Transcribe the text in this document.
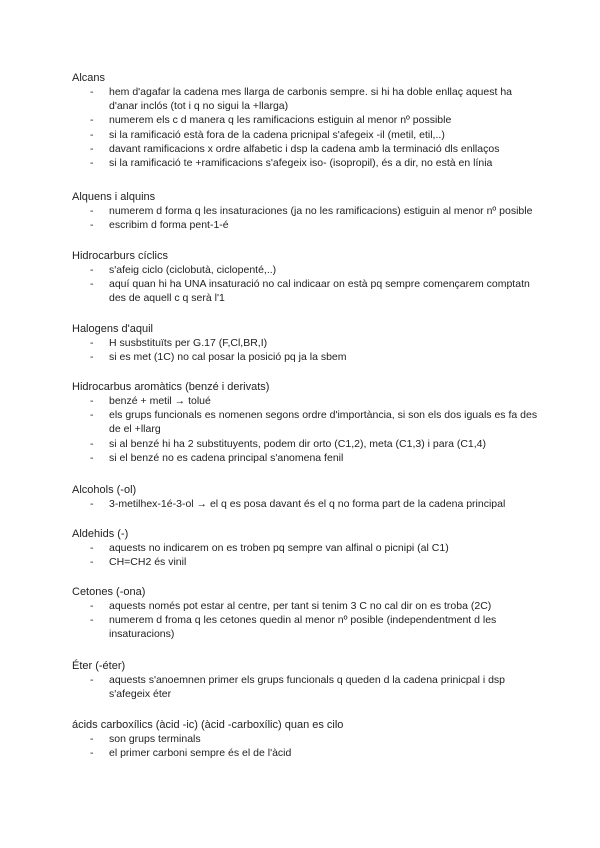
Alcans
- hem d'agafar la cadena mes llarga de carbonis sempre. si hi ha doble enllaç aquest ha d'anar inclós (tot i q no sigui la +llarga)
- numerem els c d manera q les ramificacions estiguin al menor nº possible
- si la ramificació està fora de la cadena pricnipal s'afegeix -il (metil, etil,..)
- davant ramificacions x ordre alfabetic i dsp la cadena amb la terminació dls enllaços
- si la ramificació te +ramificacions s'afegeix iso- (isopropil), és a dir, no està en línia
Alquens i alquins
- numerem d forma q les insaturaciones (ja no les ramificacions) estiguin al menor nº posible
- escribim d forma pent-1-é
Hidrocarburs cíclics
- s'afeig ciclo (ciclobutà, ciclopenté,..)
- aquí quan hi ha UNA insaturació no cal indicaar on està pq sempre començarem comptatn des de aquell c q serà l'1
Halogens d'aquil
- H susbstituïts per G.17 (F,Cl,BR,I)
- si es met (1C) no cal posar la posició pq ja la sbem
Hidrocarbus aromàtics (benzé i derivats)
- benzé + metil → tolué
- els grups funcionals es nomenen segons ordre d'importància, si son els dos iguals es fa des de el +llarg
- si al benzé hi ha 2 substituyents, podem dir orto (C1,2), meta (C1,3) i para (C1,4)
- si el benzé no es cadena principal s'anomena fenil
Alcohols (-ol)
- 3-metilhex-1é-3-ol → el q es posa davant és el q no forma part de la cadena principal
Aldehids (-)
- aquests no indicarem on es troben pq sempre van alfinal o picnipi (al C1)
- CH=CH2 és vinil
Cetones (-ona)
- aquests només pot estar al centre, per tant si tenim 3 C no cal dir on es troba (2C)
- numerem d froma q les cetones quedin al menor nº posible (independentment d les insaturacions)
Éter (-éter)
- aquests s'anoemnen primer els grups funcionals q queden d la cadena prinicpal i dsp s'afegeix éter
ácids carboxílics (àcid -ic) (àcid -carboxílic) quan es cilo
- son grups terminals
- el primer carboni sempre és el de l'àcid
